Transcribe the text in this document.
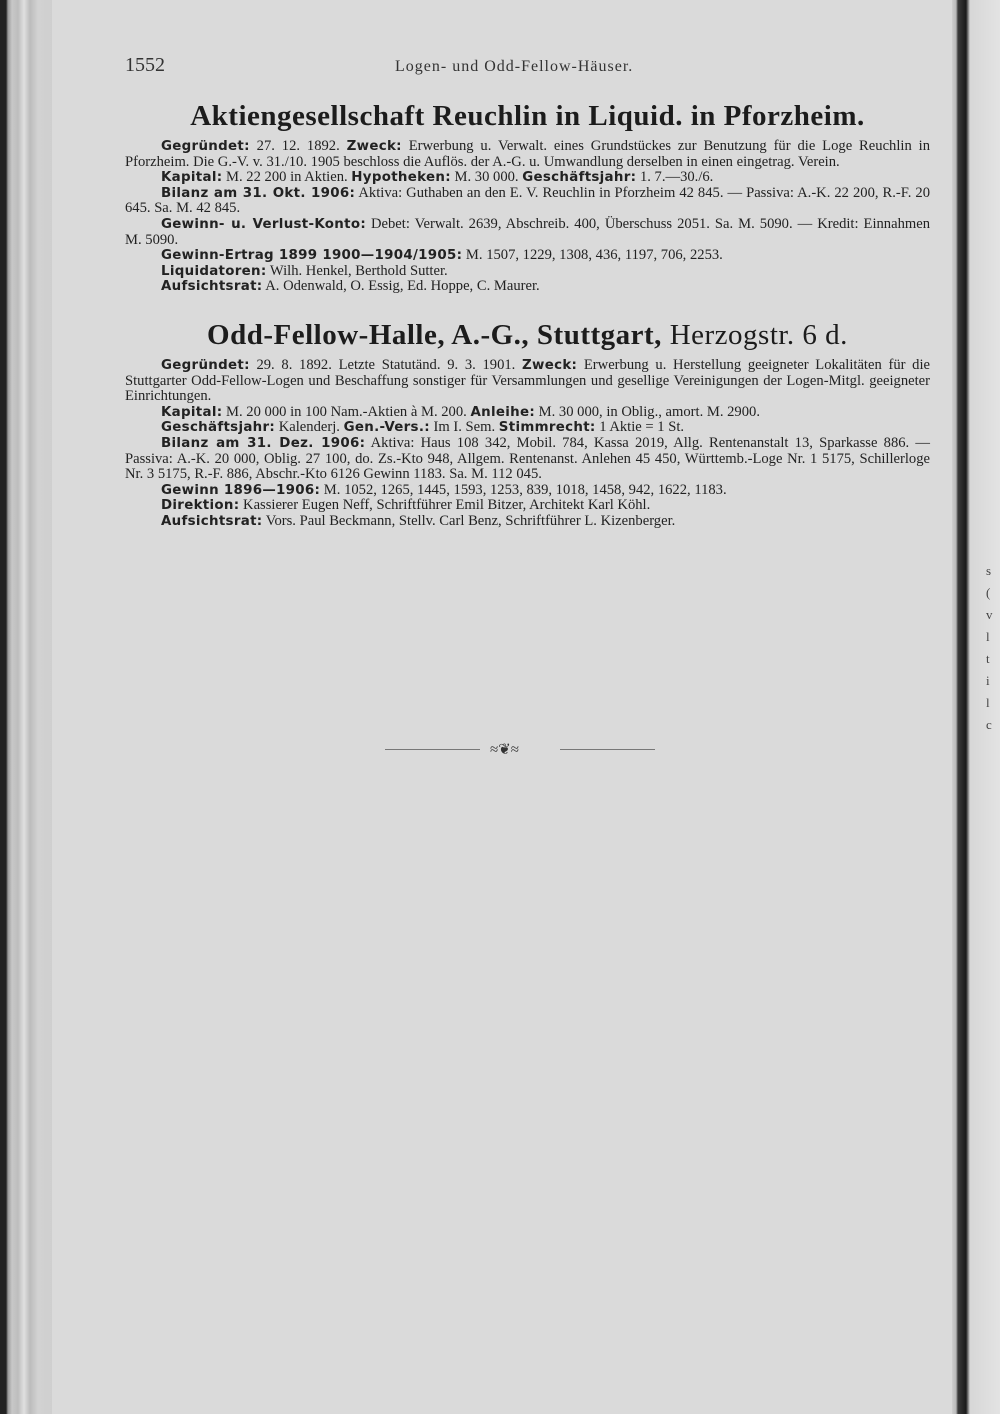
s
(
v
l
t
i
l
c
1552	Logen- und Odd-Fellow-Häuser.
Aktiengesellschaft Reuchlin in Liquid. in Pforzheim.

Gegründet: 27. 12. 1892. Zweck: Erwerbung u. Verwalt. eines Grundstückes zur Benutzung für die Loge Reuchlin in Pforzheim. Die G.-V. v. 31./10. 1905 beschloss die Auflös. der A.-G. u. Umwandlung derselben in einen eingetrag. Verein.

Kapital: M. 22 200 in Aktien. Hypotheken: M. 30 000. Geschäftsjahr: 1. 7.—30./6.

Bilanz am 31. Okt. 1906: Aktiva: Guthaben an den E. V. Reuchlin in Pforzheim 42 845. — Passiva: A.-K. 22 200, R.-F. 20 645. Sa. M. 42 845.

Gewinn- u. Verlust-Konto: Debet: Verwalt. 2639, Abschreib. 400, Überschuss 2051. Sa. M. 5090. — Kredit: Einnahmen M. 5090.

Gewinn-Ertrag 1899 1900—1904/1905: M. 1507, 1229, 1308, 436, 1197, 706, 2253.

Liquidatoren: Wilh. Henkel, Berthold Sutter.

Aufsichtsrat: A. Odenwald, O. Essig, Ed. Hoppe, C. Maurer.

Odd-Fellow-Halle, A.-G., Stuttgart, Herzogstr. 6 d.

Gegründet: 29. 8. 1892. Letzte Statutänd. 9. 3. 1901. Zweck: Erwerbung u. Herstellung geeigneter Lokalitäten für die Stuttgarter Odd-Fellow-Logen und Beschaffung sonstiger für Versammlungen und gesellige Vereinigungen der Logen-Mitgl. geeigneter Einrichtungen.

Kapital: M. 20 000 in 100 Nam.-Aktien à M. 200. Anleihe: M. 30 000, in Oblig., amort. M. 2900.

Geschäftsjahr: Kalenderj. Gen.-Vers.: Im I. Sem. Stimmrecht: 1 Aktie = 1 St.

Bilanz am 31. Dez. 1906: Aktiva: Haus 108 342, Mobil. 784, Kassa 2019, Allg. Rentenanstalt 13, Sparkasse 886. — Passiva: A.-K. 20 000, Oblig. 27 100, do. Zs.-Kto 948, Allgem. Rentenanst. Anlehen 45 450, Württemb.-Loge Nr. 1 5175, Schillerloge Nr. 3 5175, R.-F. 886, Abschr.-Kto 6126 Gewinn 1183. Sa. M. 112 045.

Gewinn 1896—1906: M. 1052, 1265, 1445, 1593, 1253, 839, 1018, 1458, 942, 1622, 1183.

Direktion: Kassierer Eugen Neff, Schriftführer Emil Bitzer, Architekt Karl Köhl.

Aufsichtsrat: Vors. Paul Beckmann, Stellv. Carl Benz, Schriftführer L. Kizenberger.

≈❦≈
